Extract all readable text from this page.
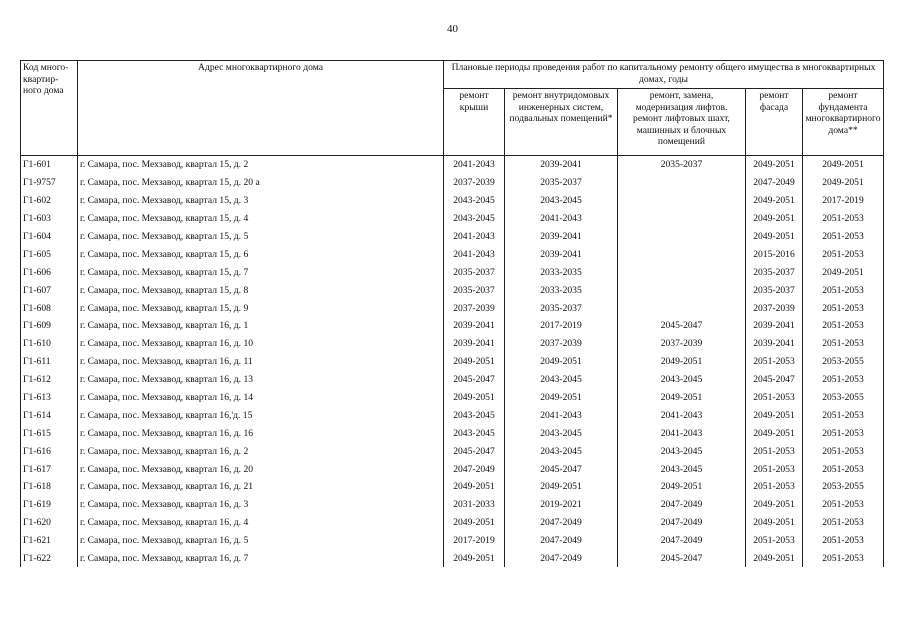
40
Код много-квартир-ного дома	Адрес многоквартирного дома	Плановые периоды проведения работ по капитальному ремонту общего имущества в многоквартирных домах, годы				
		ремонт крыши	ремонт внутридомовых инженерных систем, подвальных помещений*	ремонт, замена, модернизация лифтов. ремонт лифтовых шахт, машинных и блочных помещений	ремонт фасада	ремонт фундамента многоквартирного дома**
Г1-601	г. Самара, пос. Мехзавод, квартал 15, д. 2	2041-2043	2039-2041	2035-2037	2049-2051	2049-2051
Г1-9757	г. Самара, пос. Мехзавод, квартал 15, д. 20 а	2037-2039	2035-2037		2047-2049	2049-2051
Г1-602	г. Самара, пос. Мехзавод, квартал 15, д. 3	2043-2045	2043-2045		2049-2051	2017-2019
Г1-603	г. Самара, пос. Мехзавод, квартал 15, д. 4	2043-2045	2041-2043		2049-2051	2051-2053
Г1-604	г. Самара, пос. Мехзавод, квартал 15, д. 5	2041-2043	2039-2041		2049-2051	2051-2053
Г1-605	г. Самара, пос. Мехзавод, квартал 15, д. 6	2041-2043	2039-2041		2015-2016	2051-2053
Г1-606	г. Самара, пос. Мехзавод, квартал 15, д. 7	2035-2037	2033-2035		2035-2037	2049-2051
Г1-607	г. Самара, пос. Мехзавод, квартал 15, д. 8	2035-2037	2033-2035		2035-2037	2051-2053
Г1-608	г. Самара, пос. Мехзавод, квартал 15, д. 9	2037-2039	2035-2037		2037-2039	2051-2053
Г1-609	г. Самара, пос. Мехзавод, квартал 16, д. 1	2039-2041	2017-2019	2045-2047	2039-2041	2051-2053
Г1-610	г. Самара, пос. Мехзавод, квартал 16, д. 10	2039-2041	2037-2039	2037-2039	2039-2041	2051-2053
Г1-611	г. Самара, пос. Мехзавод, квартал 16, д. 11	2049-2051	2049-2051	2049-2051	2051-2053	2053-2055
Г1-612	г. Самара, пос. Мехзавод, квартал 16, д. 13	2045-2047	2043-2045	2043-2045	2045-2047	2051-2053
Г1-613	г. Самара, пос. Мехзавод, квартал 16, д. 14	2049-2051	2049-2051	2049-2051	2051-2053	2053-2055
Г1-614	г. Самара, пос. Мехзавод, квартал 16,'д. 15	2043-2045	2041-2043	2041-2043	2049-2051	2051-2053
Г1-615	г. Самара, пос. Мехзавод, квартал 16, д. 16	2043-2045	2043-2045	2041-2043	2049-2051	2051-2053
Г1-616	г. Самара, пос. Мехзавод, квартал 16, д. 2	2045-2047	2043-2045	2043-2045	2051-2053	2051-2053
Г1-617	г. Самара, пос. Мехзавод, квартал 16, д. 20	2047-2049	2045-2047	2043-2045	2051-2053	2051-2053
Г1-618	г. Самара, пос. Мехзавод, квартал 16, д. 21	2049-2051	2049-2051	2049-2051	2051-2053	2053-2055
Г1-619	г. Самара, пос. Мехзавод, квартал 16, д. 3	2031-2033	2019-2021	2047-2049	2049-2051	2051-2053
Г1-620	г. Самара, пос. Мехзавод, квартал 16, д. 4	2049-2051	2047-2049	2047-2049	2049-2051	2051-2053
Г1-621	г. Самара, пос. Мехзавод, квартал 16, д. 5	2017-2019	2047-2049	2047-2049	2051-2053	2051-2053
Г1-622	г. Самара, пос. Мехзавод, квартал 16, д. 7	2049-2051	2047-2049	2045-2047	2049-2051	2051-2053
